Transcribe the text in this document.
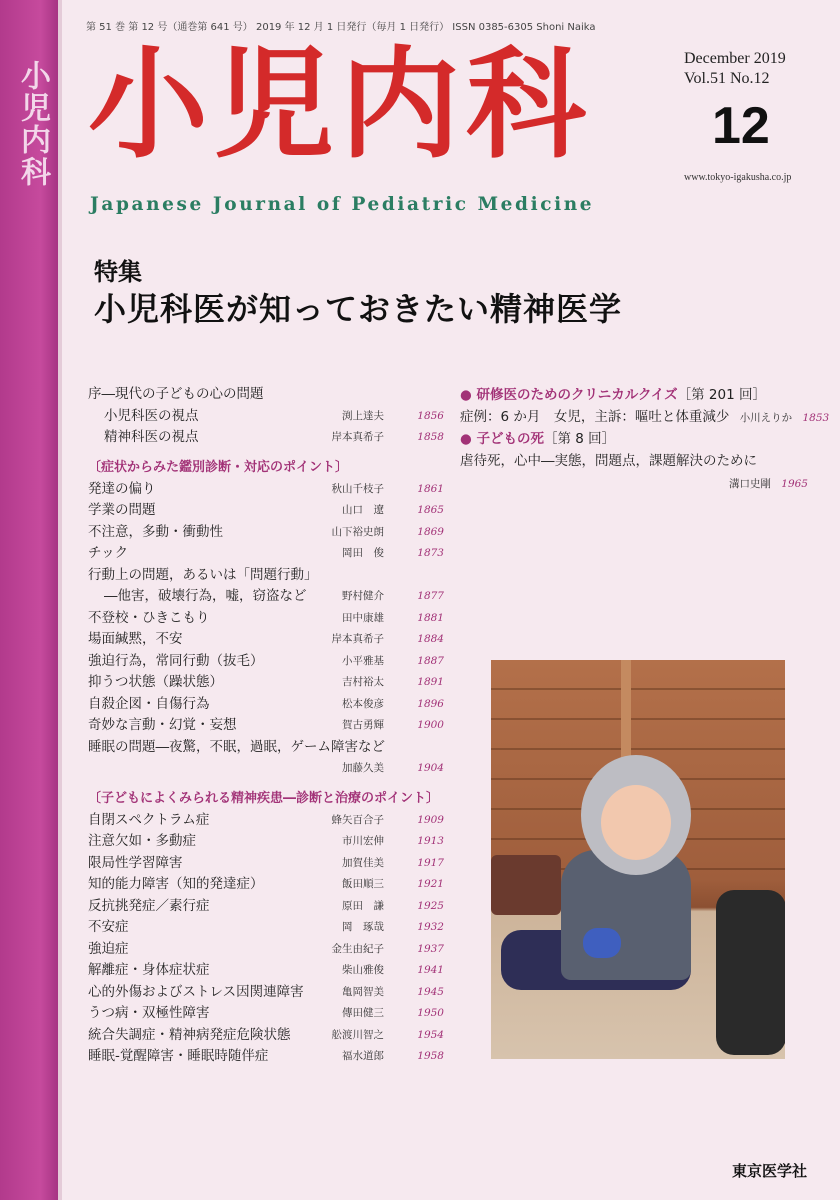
小児内科
第 51 巻 第 12 号（通巻第 641 号） 2019 年 12 月 1 日発行（毎月 1 日発行） ISSN 0385-6305 Shoni Naika
小児内科
Japanese Journal of Pediatric Medicine
December 2019
Vol.51 No.12
12
www.tokyo-igakusha.co.jp
特集
小児科医が知っておきたい精神医学
序―現代の子どもの心の問題
小児科医の視点	渕上達夫	1856
精神科医の視点	岸本真希子	1858
〔症状からみた鑑別診断・対応のポイント〕
発達の偏り	秋山千枝子	1861
学業の問題	山口　遼	1865
不注意，多動・衝動性	山下裕史朗	1869
チック	岡田　俊	1873
行動上の問題，あるいは「問題行動」
―他害，破壊行為，嘘，窃盗など	野村健介	1877
不登校・ひきこもり	田中康雄	1881
場面緘黙，不安	岸本真希子	1884
強迫行為，常同行動（抜毛）	小平雅基	1887
抑うつ状態（躁状態）	吉村裕太	1891
自殺企図・自傷行為	松本俊彦	1896
奇妙な言動・幻覚・妄想	賀古勇輝	1900
睡眠の問題―夜驚，不眠，過眠，ゲーム障害など
加藤久美	1904
〔子どもによくみられる精神疾患―診断と治療のポイント〕
自閉スペクトラム症	蜂矢百合子	1909
注意欠如・多動症	市川宏伸	1913
限局性学習障害	加賀佳美	1917
知的能力障害（知的発達症）	飯田順三	1921
反抗挑発症／素行症	原田　謙	1925
不安症	岡　琢哉	1932
強迫症	金生由紀子	1937
解離症・身体症状症	柴山雅俊	1941
心的外傷およびストレス因関連障害	亀岡智美	1945
うつ病・双極性障害	傳田健三	1950
統合失調症・精神病発症危険状態	舩渡川智之	1954
睡眠-覚醒障害・睡眠時随伴症	福水道郎	1958
● 研修医のためのクリニカルクイズ［第 201 回］
症例：6 か月　女児，主訴：嘔吐と体重減少 小川えりか 1853
● 子どもの死［第 8 回］
虐待死，心中―実態，問題点，課題解決のために
溝口史剛 1965
東京医学社
